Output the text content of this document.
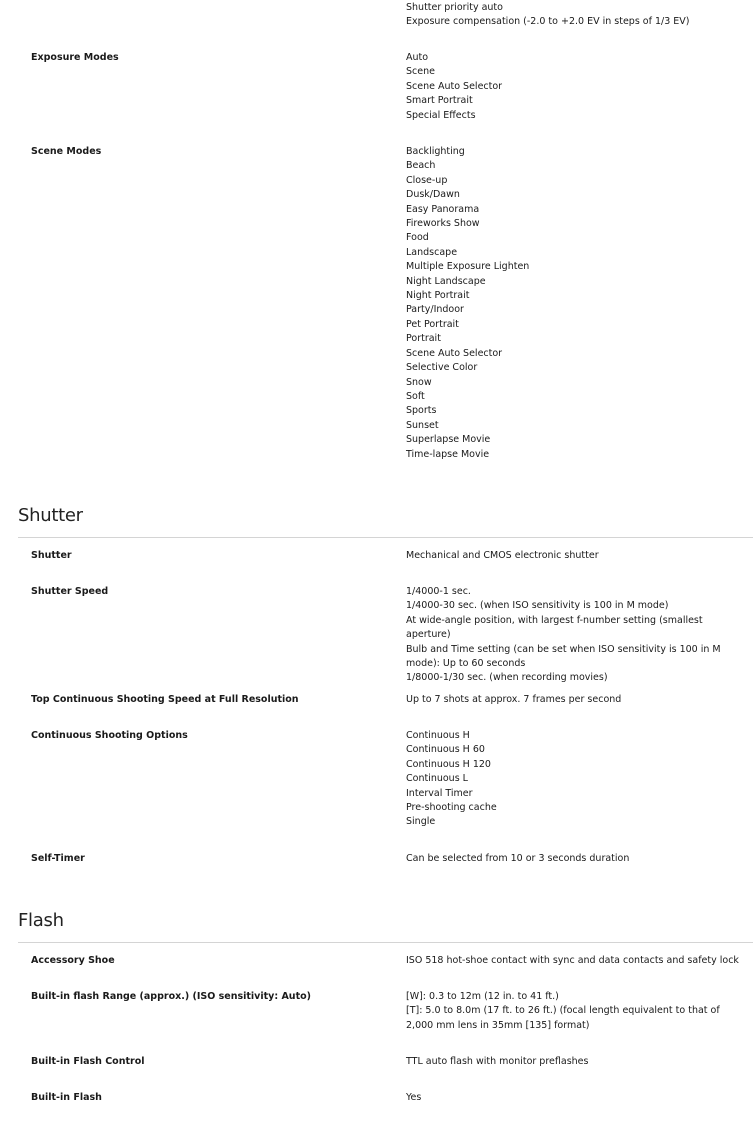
Shutter priority auto
Exposure compensation (-2.0 to +2.0 EV in steps of 1/3 EV)
Exposure Modes	Auto
Scene
Scene Auto Selector
Smart Portrait
Special Effects
Scene Modes	Backlighting
Beach
Close-up
Dusk/Dawn
Easy Panorama
Fireworks Show
Food
Landscape
Multiple Exposure Lighten
Night Landscape
Night Portrait
Party/Indoor
Pet Portrait
Portrait
Scene Auto Selector
Selective Color
Snow
Soft
Sports
Sunset
Superlapse Movie
Time-lapse Movie
Shutter
Shutter	Mechanical and CMOS electronic shutter
Shutter Speed	1/4000-1 sec.
1/4000-30 sec. (when ISO sensitivity is 100 in M mode)
At wide-angle position, with largest f-number setting (smallest aperture)
Bulb and Time setting (can be set when ISO sensitivity is 100 in M mode): Up to 60 seconds
1/8000-1/30 sec. (when recording movies)
Top Continuous Shooting Speed at Full Resolution	Up to 7 shots at approx. 7 frames per second
Continuous Shooting Options	Continuous H
Continuous H 60
Continuous H 120
Continuous L
Interval Timer
Pre-shooting cache
Single
Self-Timer	Can be selected from 10 or 3 seconds duration
Flash
Accessory Shoe	ISO 518 hot-shoe contact with sync and data contacts and safety lock
Built-in flash Range (approx.) (ISO sensitivity: Auto)	[W]: 0.3 to 12m (12 in. to 41 ft.)
[T]: 5.0 to 8.0m (17 ft. to 26 ft.) (focal length equivalent to that of 2,000 mm lens in 35mm [135] format)
Built-in Flash Control	TTL auto flash with monitor preflashes
Built-in Flash	Yes
